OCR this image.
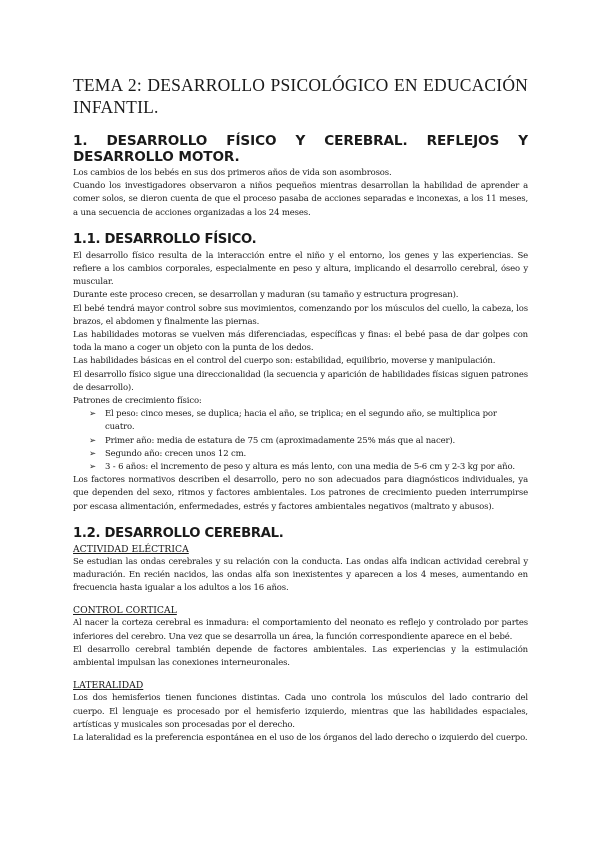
TEMA 2: DESARROLLO PSICOLÓGICO EN EDUCACIÓN INFANTIL.
1. DESARROLLO FÍSICO Y CEREBRAL. REFLEJOS Y DESARROLLO MOTOR.

Los cambios de los bebés en sus dos primeros años de vida son asombrosos.

Cuando los investigadores observaron a niños pequeños mientras desarrollan la habilidad de aprender a comer solos, se dieron cuenta de que el proceso pasaba de acciones separadas e inconexas, a los 11 meses, a una secuencia de acciones organizadas a los 24 meses.

1.1. DESARROLLO FÍSICO.

El desarrollo físico resulta de la interacción entre el niño y el entorno, los genes y las experiencias. Se refiere a los cambios corporales, especialmente en peso y altura, implicando el desarrollo cerebral, óseo y muscular.

Durante este proceso crecen, se desarrollan y maduran (su tamaño y estructura progresan).

El bebé tendrá mayor control sobre sus movimientos, comenzando por los músculos del cuello, la cabeza, los brazos, el abdomen y finalmente las piernas.

Las habilidades motoras se vuelven más diferenciadas, específicas y finas: el bebé pasa de dar golpes con toda la mano a coger un objeto con la punta de los dedos.

Las habilidades básicas en el control del cuerpo son: estabilidad, equilibrio, moverse y manipulación.

El desarrollo físico sigue una direccionalidad (la secuencia y aparición de habilidades físicas siguen patrones de desarrollo).

Patrones de crecimiento físico:

➢ El peso: cinco meses, se duplica; hacia el año, se triplica; en el segundo año, se multiplica por cuatro.
➢ Primer año: media de estatura de 75 cm (aproximadamente 25% más que al nacer).
➢ Segundo año: crecen unos 12 cm.
➢ 3 - 6 años: el incremento de peso y altura es más lento, con una media de 5-6 cm y 2-3 kg por año.

Los factores normativos describen el desarrollo, pero no son adecuados para diagnósticos individuales, ya que dependen del sexo, ritmos y factores ambientales. Los patrones de crecimiento pueden interrumpirse por escasa alimentación, enfermedades, estrés y factores ambientales negativos (maltrato y abusos).

1.2. DESARROLLO CEREBRAL.

ACTIVIDAD ELÉCTRICA

Se estudian las ondas cerebrales y su relación con la conducta. Las ondas alfa indican actividad cerebral y maduración. En recién nacidos, las ondas alfa son inexistentes y aparecen a los 4 meses, aumentando en frecuencia hasta igualar a los adultos a los 16 años.

CONTROL CORTICAL

Al nacer la corteza cerebral es inmadura: el comportamiento del neonato es reflejo y controlado por partes inferiores del cerebro. Una vez que se desarrolla un área, la función correspondiente aparece en el bebé.

El desarrollo cerebral también depende de factores ambientales. Las experiencias y la estimulación ambiental impulsan las conexiones interneuronales.

LATERALIDAD

Los dos hemisferios tienen funciones distintas. Cada uno controla los músculos del lado contrario del cuerpo. El lenguaje es procesado por el hemisferio izquierdo, mientras que las habilidades espaciales, artísticas y musicales son procesadas por el derecho.

La lateralidad es la preferencia espontánea en el uso de los órganos del lado derecho o izquierdo del cuerpo.
